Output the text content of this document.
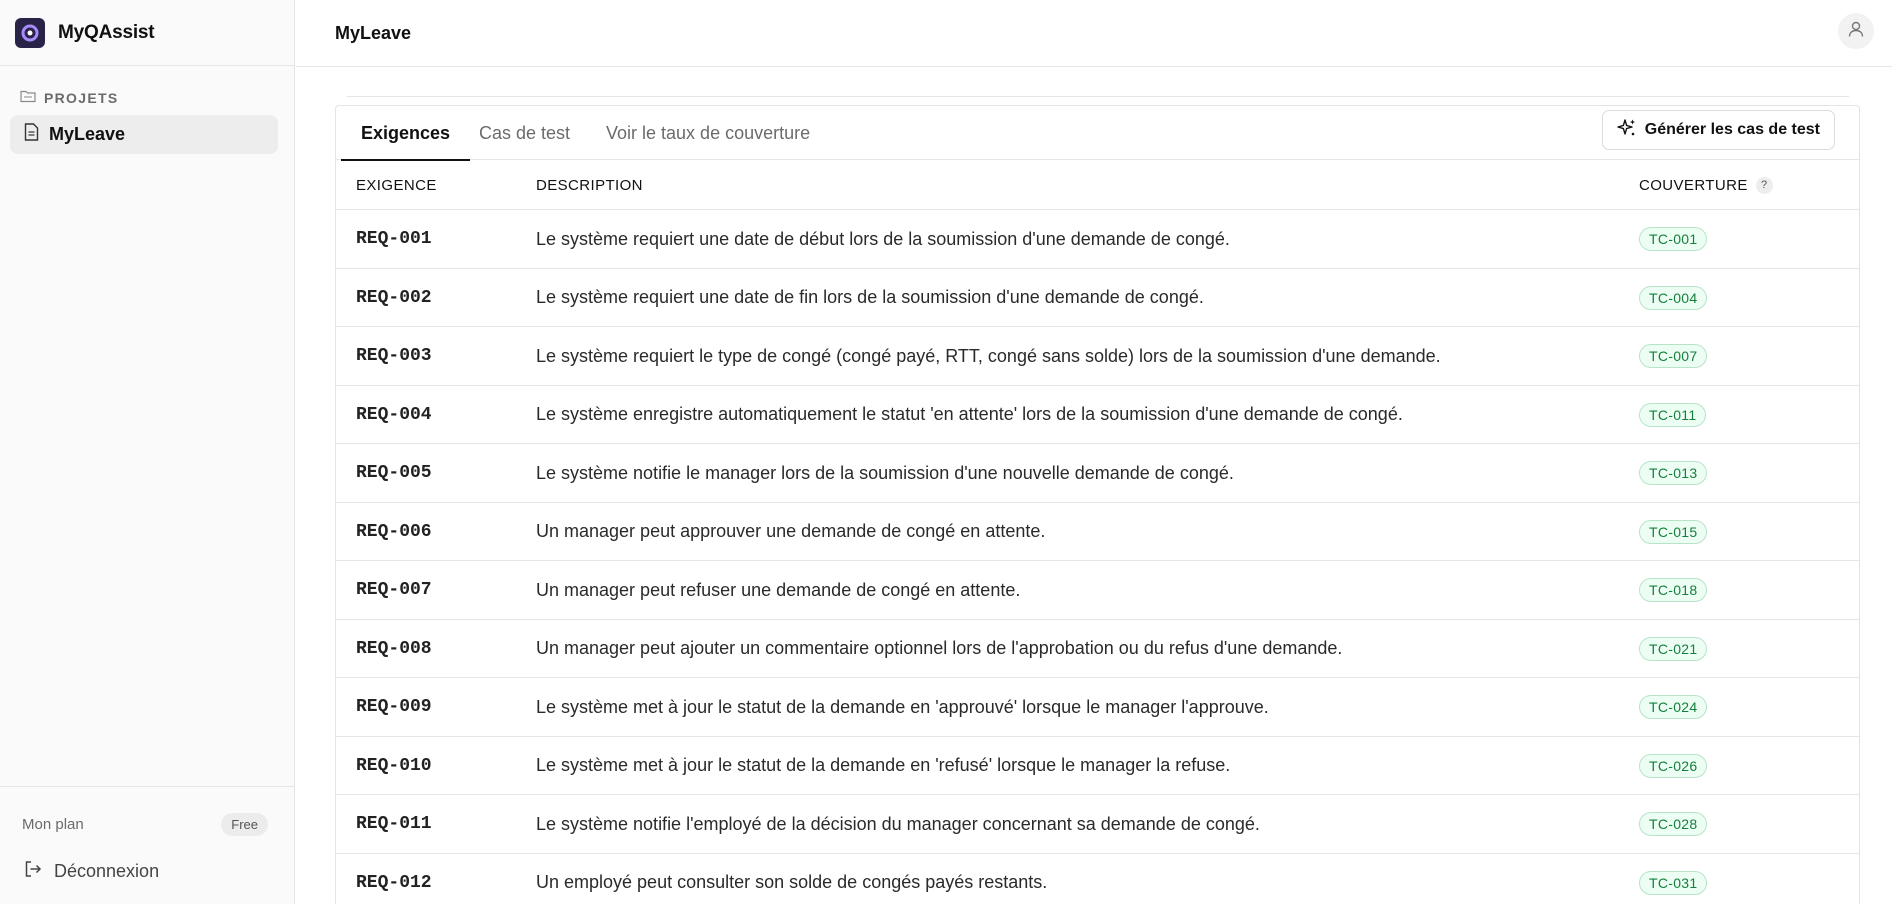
MyQAssist
PROJETS
MyLeave
Mon plan	Free
Déconnexion
MyLeave
Exigences	Cas de test Voir le taux de couverture	Générer les cas de test
EXIGENCE	DESCRIPTION	COUVERTURE	?
REQ-001	Le système requiert une date de début lors de la soumission d'une demande de congé.	TC-001
REQ-002	Le système requiert une date de fin lors de la soumission d'une demande de congé.	TC-004
REQ-003	Le système requiert le type de congé (congé payé, RTT, congé sans solde) lors de la soumission d'une demande.	TC-007
REQ-004	Le système enregistre automatiquement le statut 'en attente' lors de la soumission d'une demande de congé.	TC-011
REQ-005	Le système notifie le manager lors de la soumission d'une nouvelle demande de congé.	TC-013
REQ-006	Un manager peut approuver une demande de congé en attente.	TC-015
REQ-007	Un manager peut refuser une demande de congé en attente.	TC-018
REQ-008	Un manager peut ajouter un commentaire optionnel lors de l'approbation ou du refus d'une demande.	TC-021
REQ-009	Le système met à jour le statut de la demande en 'approuvé' lorsque le manager l'approuve.	TC-024
REQ-010	Le système met à jour le statut de la demande en 'refusé' lorsque le manager la refuse.	TC-026
REQ-011	Le système notifie l'employé de la décision du manager concernant sa demande de congé.	TC-028
REQ-012	Un employé peut consulter son solde de congés payés restants.	TC-031
